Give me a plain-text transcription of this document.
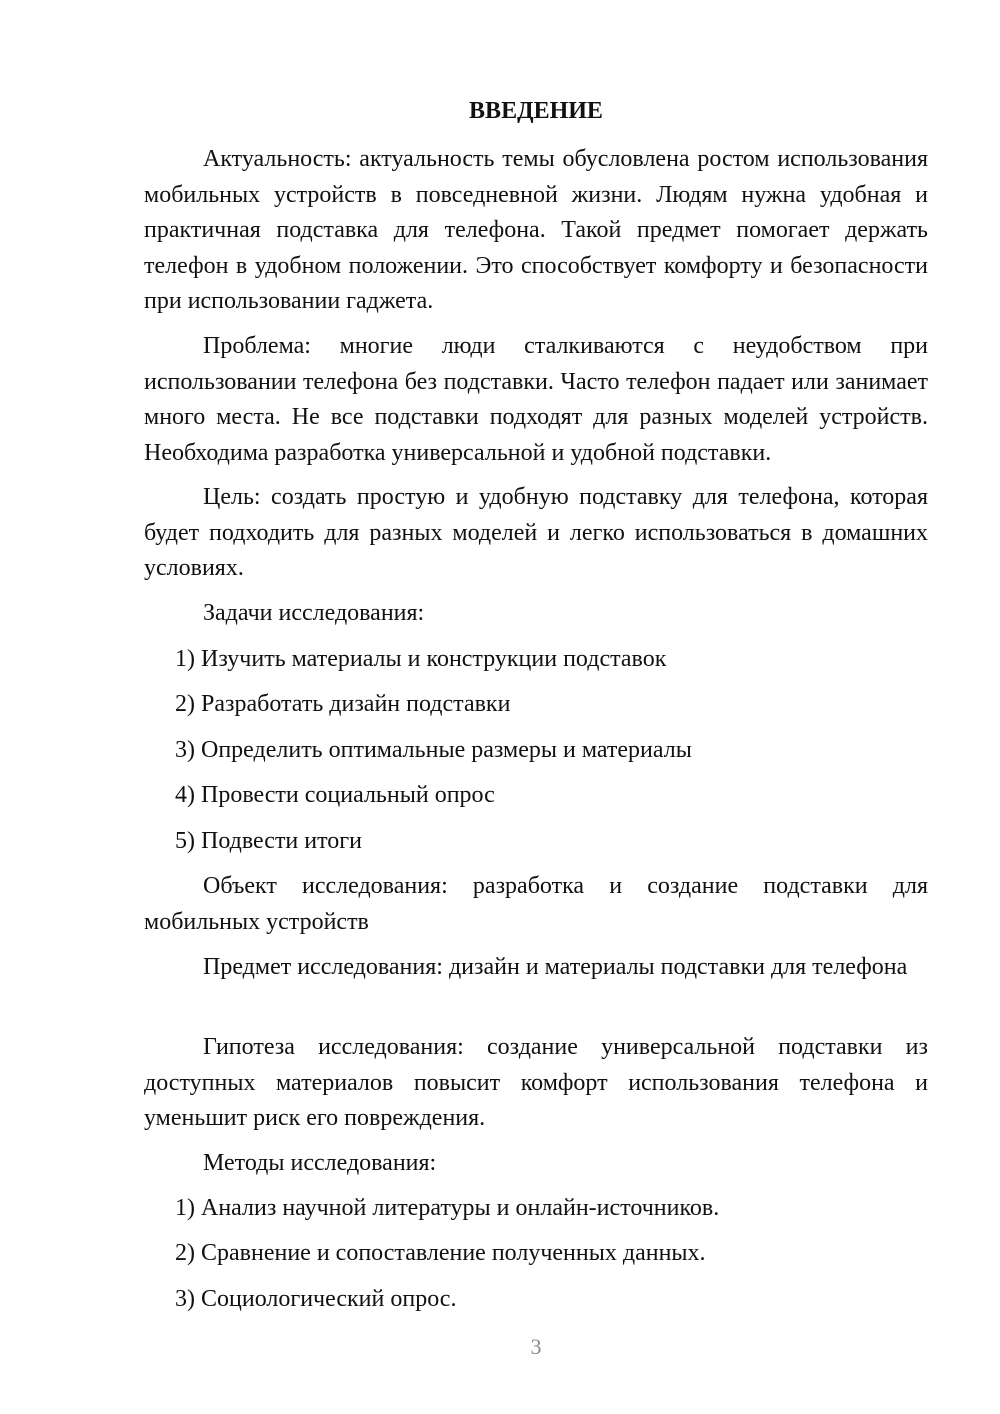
ВВЕДЕНИЕ
Актуальность: актуальность темы обусловлена ростом использования мобильных устройств в повседневной жизни. Людям нужна удобная и практичная подставка для телефона. Такой предмет помогает держать телефон в удобном положении. Это способствует комфорту и безопасности при использовании гаджета.
Проблема: многие люди сталкиваются с неудобством при использовании телефона без подставки. Часто телефон падает или занимает много места. Не все подставки подходят для разных моделей устройств. Необходима разработка универсальной и удобной подставки.
Цель: создать простую и удобную подставку для телефона, которая будет подходить для разных моделей и легко использоваться в домашних условиях.
Задачи исследования:
1) Изучить материалы и конструкции подставок
2) Разработать дизайн подставки
3) Определить оптимальные размеры и материалы
4) Провести социальный опрос
5) Подвести итоги
Объект исследования: разработка и создание подставки для мобильных устройств
Предмет исследования: дизайн и материалы подставки для телефона
Гипотеза исследования: создание универсальной подставки из доступных материалов повысит комфорт использования телефона и уменьшит риск его повреждения.
Методы исследования:
1) Анализ научной литературы и онлайн-источников.
2) Сравнение и сопоставление полученных данных.
3) Социологический опрос.
3
